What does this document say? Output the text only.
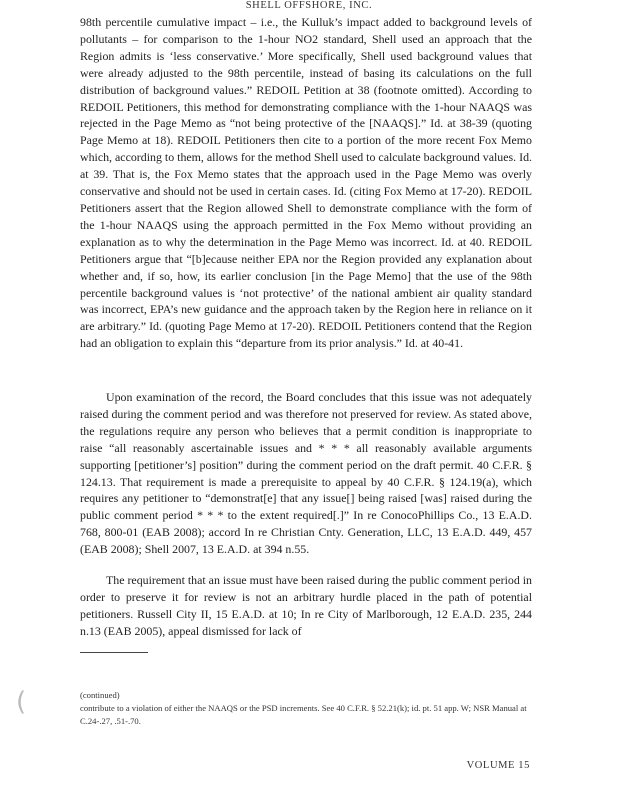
SHELL OFFSHORE, INC.
98th percentile cumulative impact – i.e., the Kulluk’s impact added to background levels of pollutants – for comparison to the 1-hour NO2 standard, Shell used an approach that the Region admits is ‘less conservative.’ More specifically, Shell used background values that were already adjusted to the 98th percentile, instead of basing its calculations on the full distribution of background values.” REDOIL Petition at 38 (footnote omitted). According to REDOIL Petitioners, this method for demonstrating compliance with the 1-hour NAAQS was rejected in the Page Memo as “not being protective of the [NAAQS].” Id. at 38-39 (quoting Page Memo at 18). REDOIL Petitioners then cite to a portion of the more recent Fox Memo which, according to them, allows for the method Shell used to calculate background values. Id. at 39. That is, the Fox Memo states that the approach used in the Page Memo was overly conservative and should not be used in certain cases. Id. (citing Fox Memo at 17-20). REDOIL Petitioners assert that the Region allowed Shell to demonstrate compliance with the form of the 1-hour NAAQS using the approach permitted in the Fox Memo without providing an explanation as to why the determination in the Page Memo was incorrect. Id. at 40. REDOIL Petitioners argue that “[b]ecause neither EPA nor the Region provided any explanation about whether and, if so, how, its earlier conclusion [in the Page Memo] that the use of the 98th percentile background values is ‘not protective’ of the national ambient air quality standard was incorrect, EPA’s new guidance and the approach taken by the Region here in reliance on it are arbitrary.” Id. (quoting Page Memo at 17-20). REDOIL Petitioners contend that the Region had an obligation to explain this “departure from its prior analysis.” Id. at 40-41.
Upon examination of the record, the Board concludes that this issue was not adequately raised during the comment period and was therefore not preserved for review. As stated above, the regulations require any person who believes that a permit condition is inappropriate to raise “all reasonably ascertainable issues and * * * all reasonably available arguments supporting [petitioner’s] position” during the comment period on the draft permit. 40 C.F.R. § 124.13. That requirement is made a prerequisite to appeal by 40 C.F.R. § 124.19(a), which requires any petitioner to “demonstrat[e] that any issue[] being raised [was] raised during the public comment period * * * to the extent required[.]” In re ConocoPhillips Co., 13 E.A.D. 768, 800-01 (EAB 2008); accord In re Christian Cnty. Generation, LLC, 13 E.A.D. 449, 457 (EAB 2008); Shell 2007, 13 E.A.D. at 394 n.55.
The requirement that an issue must have been raised during the public comment period in order to preserve it for review is not an arbitrary hurdle placed in the path of potential petitioners. Russell City II, 15 E.A.D. at 10; In re City of Marlborough, 12 E.A.D. 235, 244 n.13 (EAB 2005), appeal dismissed for lack of
(continued)
contribute to a violation of either the NAAQS or the PSD increments. See 40 C.F.R. § 52.21(k); id. pt. 51 app. W; NSR Manual at C.24-.27, .51-.70.
(
VOLUME 15
